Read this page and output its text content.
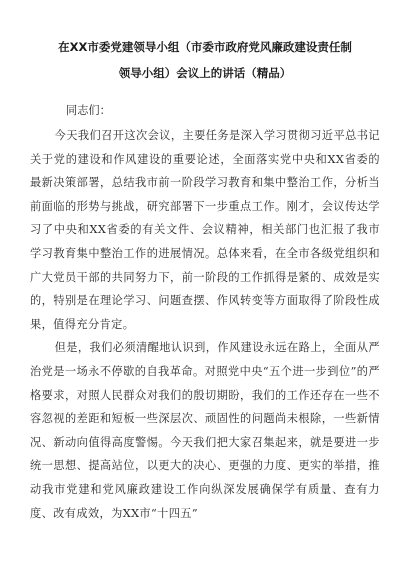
在XX市委党建领导小组（市委市政府党风廉政建设责任制
领导小组）会议上的讲话（精品）

同志们：

今天我们召开这次会议，主要任务是深入学习贯彻习近平总书记关于党的建设和作风建设的重要论述，全面落实党中央和XX省委的最新决策部署，总结我市前一阶段学习教育和集中整治工作，分析当前面临的形势与挑战，研究部署下一步重点工作。刚才，会议传达学习了中央和XX省委的有关文件、会议精神，相关部门也汇报了我市学习教育集中整治工作的进展情况。总体来看，在全市各级党组织和广大党员干部的共同努力下，前一阶段的工作抓得是紧的、成效是实的，特别是在理论学习、问题查摆、作风转变等方面取得了阶段性成果，值得充分肯定。

但是，我们必须清醒地认识到，作风建设永远在路上，全面从严治党是一场永不停歇的自我革命。对照党中央“五个进一步到位”的严格要求，对照人民群众对我们的殷切期盼，我们的工作还存在一些不容忽视的差距和短板一些深层次、顽固性的问题尚未根除，一些新情况、新动向值得高度警惕。今天我们把大家召集起来，就是要进一步统一思想、提高站位，以更大的决心、更强的力度、更实的举措，推动我市党建和党风廉政建设工作向纵深发展确保学有质量、查有力度、改有成效，为XX市“十四五”
